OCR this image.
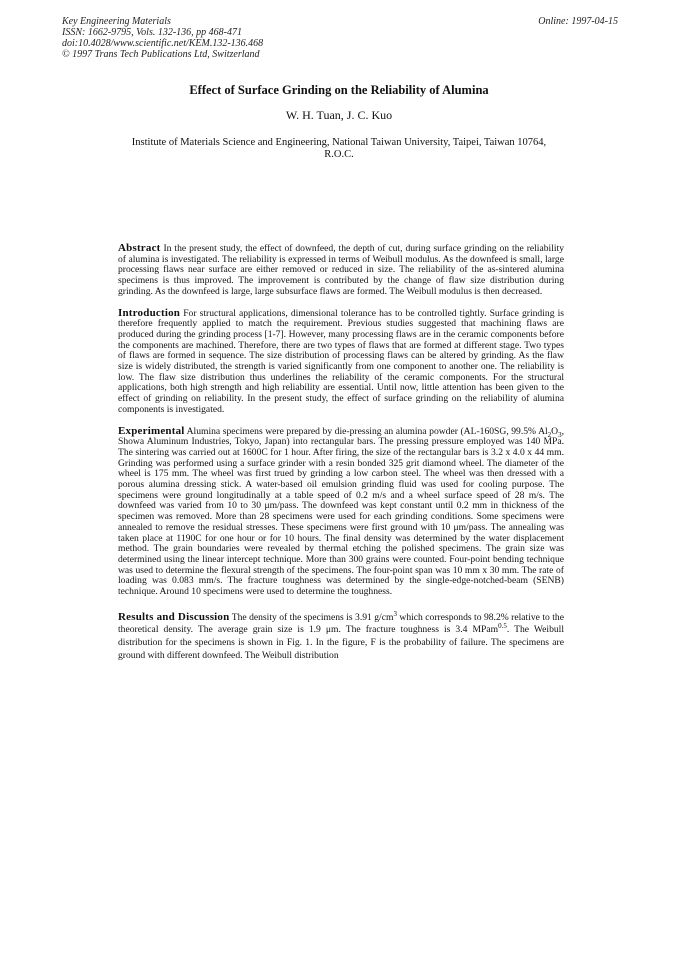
Key Engineering Materials
ISSN: 1662-9795, Vols. 132-136, pp 468-471
doi:10.4028/www.scientific.net/KEM.132-136.468
© 1997 Trans Tech Publications Ltd, Switzerland
Online: 1997-04-15
Effect of Surface Grinding on the Reliability of Alumina
W. H. Tuan, J. C. Kuo
Institute of Materials Science and Engineering, National Taiwan University, Taipei, Taiwan 10764, R.O.C.

Abstract In the present study, the effect of downfeed, the depth of cut, during surface grinding on the reliability of alumina is investigated. The reliability is expressed in terms of Weibull modulus. As the downfeed is small, large processing flaws near surface are either removed or reduced in size. The reliability of the as-sintered alumina specimens is thus improved. The improvement is contributed by the change of flaw size distribution during grinding. As the downfeed is large, large subsurface flaws are formed. The Weibull modulus is then decreased.

Introduction For structural applications, dimensional tolerance has to be controlled tightly. Surface grinding is therefore frequently applied to match the requirement. Previous studies suggested that machining flaws are produced during the grinding process [1-7]. However, many processing flaws are in the ceramic components before the components are machined. Therefore, there are two types of flaws that are formed at different stage. Two types of flaws are formed in sequence. The size distribution of processing flaws can be altered by grinding. As the flaw size is widely distributed, the strength is varied significantly from one component to another one. The reliability is low. The flaw size distribution thus underlines the reliability of the ceramic components. For the structural applications, both high strength and high reliability are essential. Until now, little attention has been given to the effect of grinding on reliability. In the present study, the effect of surface grinding on the reliability of alumina components is investigated.

Experimental Alumina specimens were prepared by die-pressing an alumina powder (AL-160SG, 99.5% $Al_2O_3$, Showa Aluminum Industries, Tokyo, Japan) into rectangular bars. The pressing pressure employed was 140 MPa. The sintering was carried out at 1600C for 1 hour. After firing, the size of the rectangular bars is 3.2 x 4.0 x 44 mm. Grinding was performed using a surface grinder with a resin bonded 325 grit diamond wheel. The diameter of the wheel is 175 mm. The wheel was first trued by grinding a low carbon steel. The wheel was then dressed with a porous alumina dressing stick. A water-based oil emulsion grinding fluid was used for cooling purpose. The specimens were ground longitudinally at a table speed of 0.2 m/s and a wheel surface speed of 28 m/s. The downfeed was varied from 10 to 30 μm/pass. The downfeed was kept constant until 0.2 mm in thickness of the specimen was removed. More than 28 specimens were used for each grinding conditions. Some specimens were annealed to remove the residual stresses. These specimens were first ground with 10 μm/pass. The annealing was taken place at 1190C for one hour or for 10 hours. The final density was determined by the water displacement method. The grain boundaries were revealed by thermal etching the polished specimens. The grain size was determined using the linear intercept technique. More than 300 grains were counted. Four-point bending technique was used to determine the flexural strength of the specimens. The four-point span was 10 mm x 30 mm. The rate of loading was 0.083 mm/s. The fracture toughness was determined by the single-edge-notched-beam (SENB) technique. Around 10 specimens were used to determine the toughness.

Results and Discussion The density of the specimens is 3.91 $g/cm^3$ which corresponds to 98.2% relative to the theoretical density. The average grain size is 1.9 μm. The fracture toughness is 3.4 MPam$^{0.5}$. The Weibull distribution for the specimens is shown in Fig. 1. In the figure, F is the probability of failure. The specimens are ground with different downfeed. The Weibull distribution
